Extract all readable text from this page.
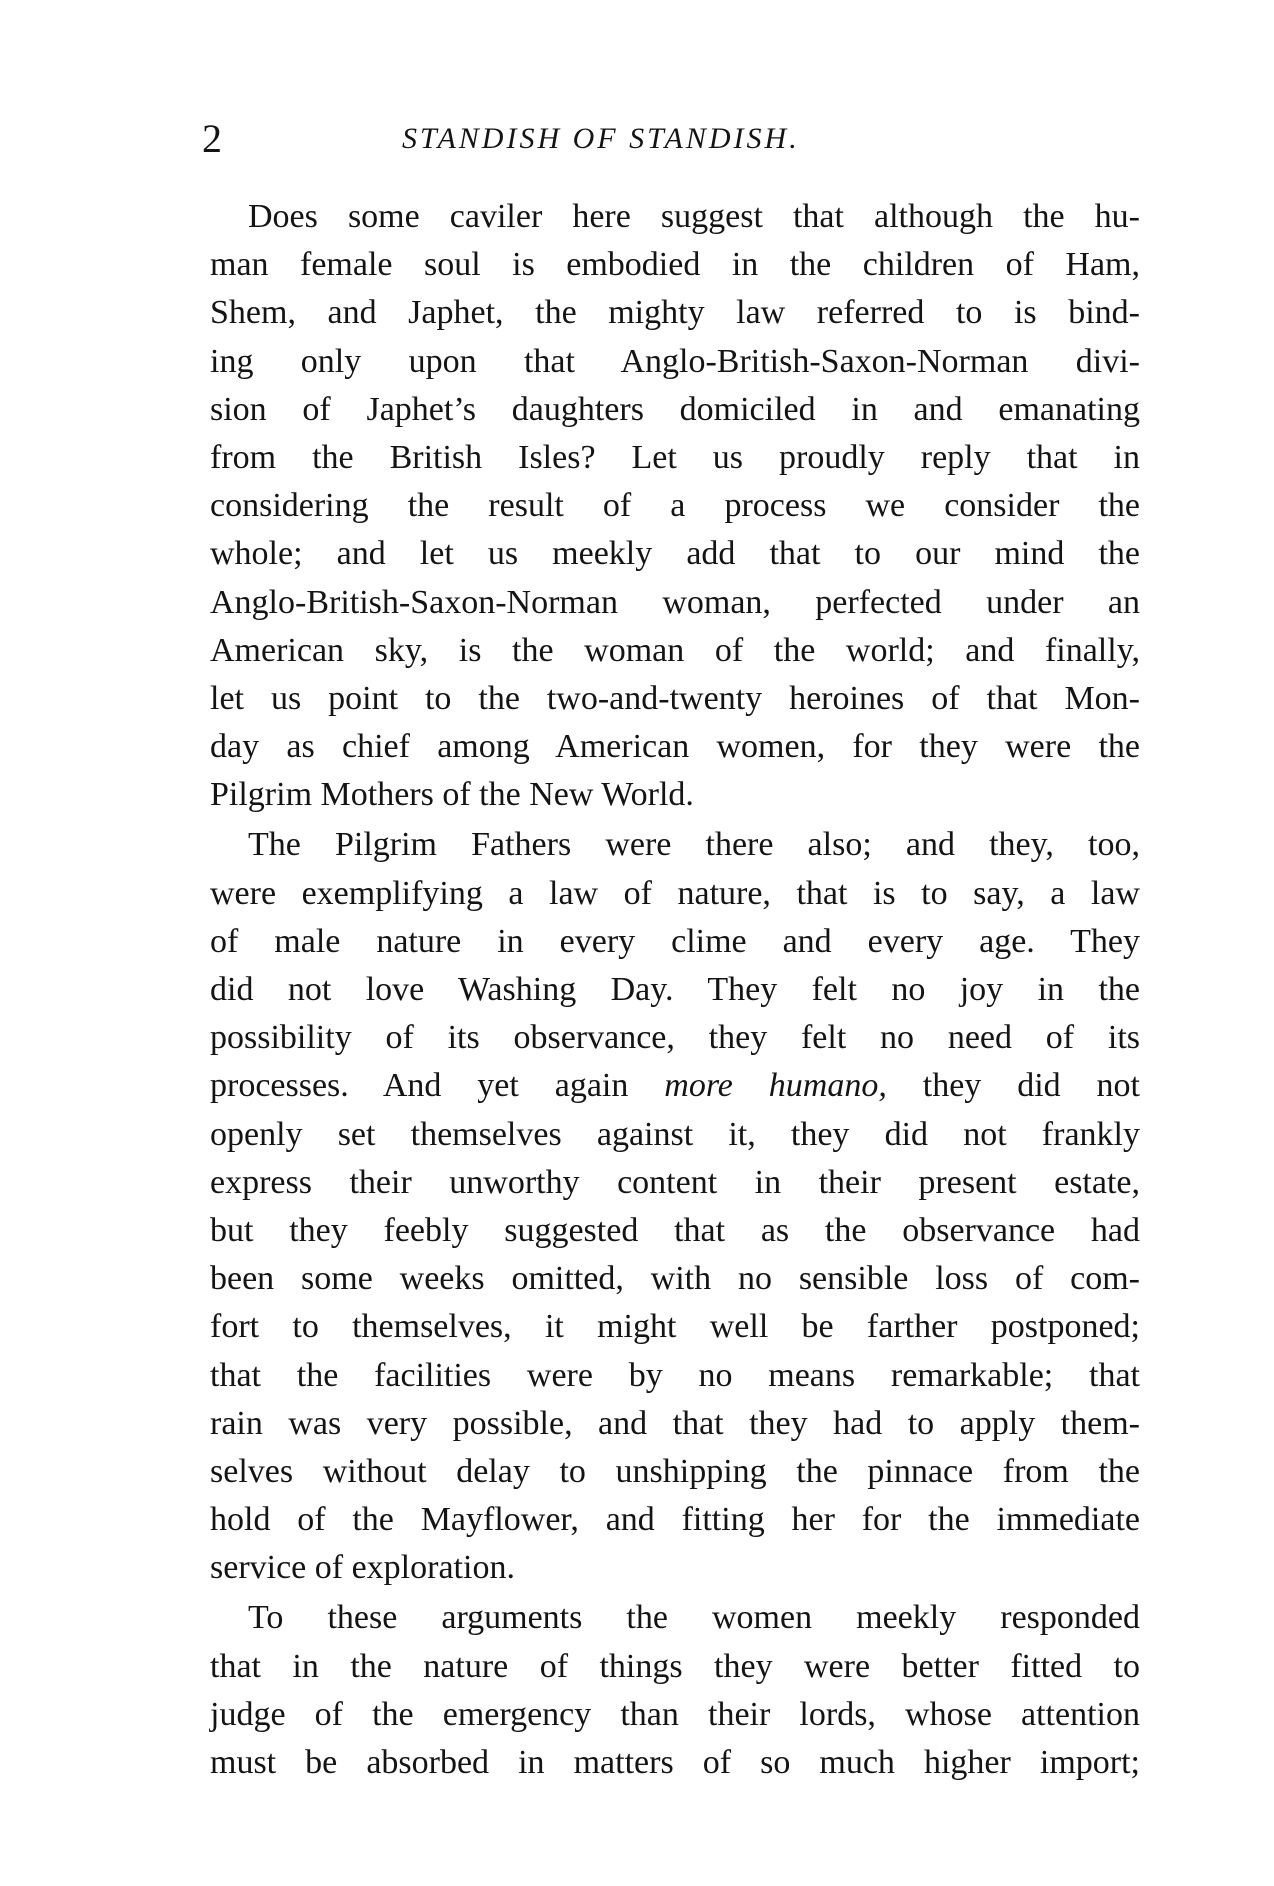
2	STANDISH OF STANDISH.
Does some caviler here suggest that although the hu-
man female soul is embodied in the children of Ham,
Shem, and Japhet, the mighty law referred to is bind-
ing only upon that Anglo-British-Saxon-Norman divi-
sion of Japhet’s daughters domiciled in and emanating
from the British Isles? Let us proudly reply that in
considering the result of a process we consider the
whole; and let us meekly add that to our mind the
Anglo-British-Saxon-Norman woman, perfected under an
American sky, is the woman of the world; and finally,
let us point to the two-and-twenty heroines of that Mon-
day as chief among American women, for they were the
Pilgrim Mothers of the New World.
The Pilgrim Fathers were there also; and they, too,
were exemplifying a law of nature, that is to say, a law
of male nature in every clime and every age. They
did not love Washing Day. They felt no joy in the
possibility of its observance, they felt no need of its
processes. And yet again more humano, they did not
openly set themselves against it, they did not frankly
express their unworthy content in their present estate,
but they feebly suggested that as the observance had
been some weeks omitted, with no sensible loss of com-
fort to themselves, it might well be farther postponed;
that the facilities were by no means remarkable; that
rain was very possible, and that they had to apply them-
selves without delay to unshipping the pinnace from the
hold of the Mayflower, and fitting her for the immediate
service of exploration.
To these arguments the women meekly responded
that in the nature of things they were better fitted to
judge of the emergency than their lords, whose attention
must be absorbed in matters of so much higher import;
